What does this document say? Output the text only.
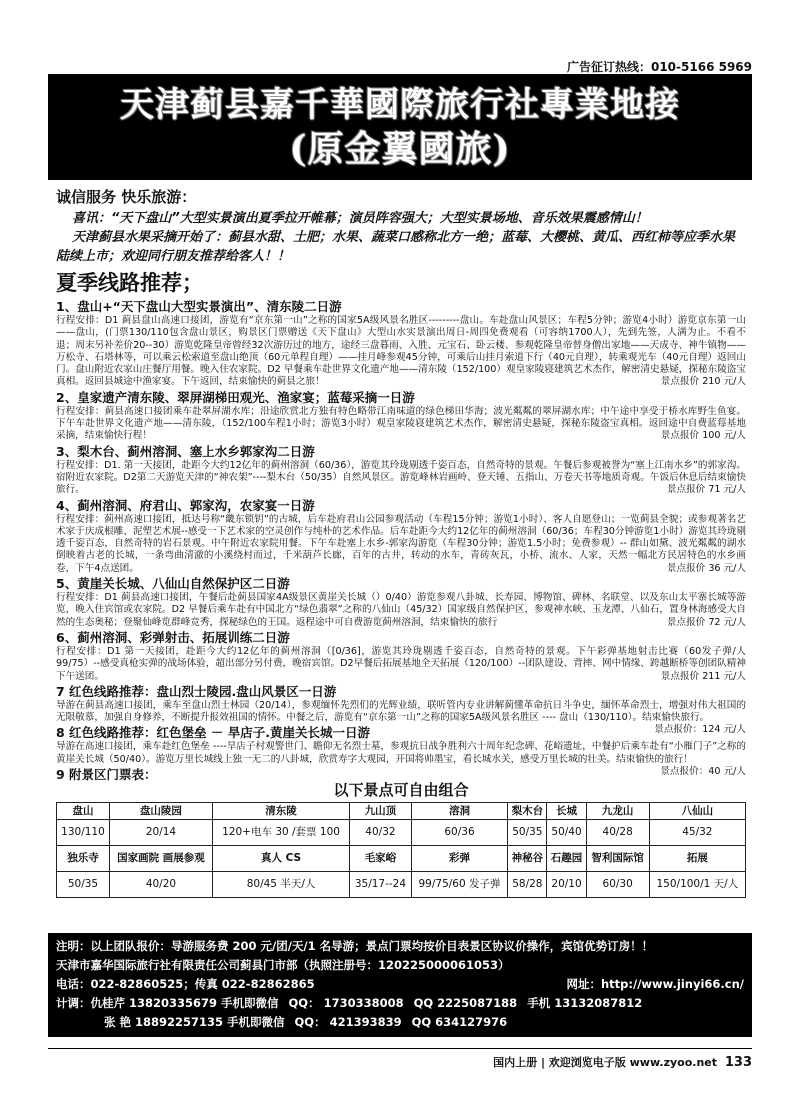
广告征订热线：010-5166 5969
天津蓟县嘉千華國際旅行社專業地接
(原金翼國旅)
诚信服务 快乐旅游：
喜讯：“天下盘山”大型实景演出夏季拉开帷幕；演员阵容强大；大型实景场地、音乐效果震感情山！
天津蓟县水果采摘开始了：蓟县水甜、土肥；水果、蔬菜口感称北方一绝；蓝莓、大樱桃、黄瓜、西红柿等应季水果陆续上市；欢迎同行朋友推荐给客人！！
夏季线路推荐；
1、盘山+“天下盘山大型实景演出”、清东陵二日游
行程安排：D1 蓟县盘山高速口接团，游览有“京东第一山”之称的国家5A级风景名胜区---------盘山。车赴盘山风景区；车程5分钟；游览4小时）游览京东第一山——盘山，(门票130/110包含盘山景区，购景区门票赠送《天下盘山》大型山水实景演出周日-周四免费观看（可容纳1700人），先到先签，人满为止。不看不退；周末另补差价20--30）游览乾隆皇帝曾经32次游历过的地方，途经三盘暮雨、入胜、元宝石、卧云楼、参观乾隆皇帝替身僧出家地——天成寺、神牛镇物——万松寺、石塔林等，可以乘云松索道至盘山绝顶（60元单程自理）——挂月峰参观45分钟，可乘后山挂月索道下行（40元自理），转乘观光车（40元自理）返回山门。盘山附近农家山庄餐厅用餐。晚入住农家院。D2 早餐乘车赴世界文化遗产地——清东陵（152/100）观皇家陵寝建筑艺术杰作，解密清史悬疑，探秘东陵盗宝真相。返回县城途中渔家宴。下午返回，结束愉快的蓟县之旅！	景点报价 210 元/人
2、皇家遗产清东陵、翠屏湖梯田观光、渔家宴；蓝莓采摘一日游
行程安排：蓟县高速口接团乘车赴翠屏湖水库；沿途欣赏北方独有特色略带江南味道的绿色梯田华海；波光粼粼的翠屏湖水库；中午途中享受于桥水库野生鱼宴。下午车赴世界文化遗产地——清东陵，（152/100车程1小时；游览3小时）观皇家陵寝建筑艺术杰作，解密清史悬疑，探秘东陵盗宝真相。返回途中自费蓝莓基地采摘，结束愉快行程！	景点报价 100 元/人
3、梨木台、蓟州溶洞、塞上水乡郭家沟二日游
行程安排：D1. 第一天接团，赴距今大约12亿年的蓟州溶洞（60/36），游览其玲珑剔透千姿百态，自然奇特的景观。午餐后参观被誉为“塞上江南水乡”的郭家沟。宿附近农家院。D2第二天游览天津的“神农架”----梨木台（50/35）自然风景区。游览峰林岩画岭、登天锤、五指山、万卷天书等地质奇观。午饭后休息后结束愉快旅行。	景点报价 71 元/人
4、蓟州溶洞、府君山、郭家沟，农家宴一日游
行程安排：蓟州高速口接团，抵达号称“畿东锁钥”的古城，后车赴府君山公园参观活动（车程15分钟；游览1小时）、客人自愿登山；一览蓟县全貌；或参观著名艺术家于庆成根雕、泥塑艺术展--感受一下艺术家的空灵创作与纯朴的艺术作品。后车赴距今大约12亿年的蓟州溶洞（60/36；车程30分钟游览1小时）游览其玲珑剔透千姿百态，自然奇特的岩石景观。中午附近农家院用餐。下午车赴塞上水乡-郭家沟游览（车程30分钟；游览1.5小时；免费参观）-- 群山如黛、波光粼粼的湖水倒映着古老的长城，一条弯曲清澈的小溪绕村而过，千米葫芦长廊，百年的古井，转动的水车，青砖灰瓦，小桥、流水、人家，天然一幅北方民居特色的水乡画卷，下午4点送团。	景点报价 36 元/人
5、黄崖关长城、八仙山自然保护区二日游
行程安排：D1 蓟县高速口接团，午餐后赴蓟县国家4A级景区黄崖关长城（）0/40）游览参观八卦城、长寿园、博物馆、碑林、名联堂、以及东山太平寨长城等游览，晚入住宾馆或农家院。D2 早餐后乘车赴有中国北方“绿色翡翠”之称的八仙山（45/32）国家级自然保护区，参观神水峡、玉龙潭、八仙石，置身林海感受大自然的生态奥秘；登聚仙峰览群峰竞秀，探秘绿色的王国。返程途中可自费游览蓟州溶洞，结束愉快的旅行	景点报价 72 元/人
6、蓟州溶洞、彩弹射击、拓展训练二日游
行程安排：D1 第一天接团，赴距今大约12亿年的蓟州溶洞（[0/36]，游览其玲珑剔透千姿百态，自然奇特的景观。下午彩弹基地射击比赛（60发子弹/人 99/75）--感受真枪实弹的战场体验，超出部分另付费，晚宿宾馆。D2早餐后拓展基地全天拓展（120/100）--团队建设、背摔、网中情缘、跨越断桥等创团队精神下午送团。	景点报价 211 元/人
7 红色线路推荐：盘山烈士陵园.盘山风景区一日游
导游在蓟县高速口接团，乘车至盘山烈士林园（20/14），参观缅怀先烈们的光辉业绩，联听管内专业讲解蓟懂革命抗日斗争史，缅怀革命烈士，增强对伟大祖国的无限敬慕，加强自身修养，不断提升报效祖国的情怀。中餐之后，游览有“京东第一山”之称的国家5A级风景名胜区 ---- 盘山（130/110）。结束愉快旅行。
景点报价：124 元/人
8 红色线路推荐：红色堡垒 － 旱店子.黄崖关长城一日游
导游在高速口接团，乘车赴红色堡垒 ----旱店子村观警世门、瞻仰无名烈士墓，参观抗日战争胜利六十周年纪念碑、花峪遗址，中餐护后乘车赴有“小雁门子”之称的黄崖关长城（50/40）。游览万里长城线上独一无二的八卦城，欣赏寿字大观园，开国将帅墨宝，看长城水关，感受万里长城的壮美。结束愉快的旅行！
景点报价：40 元/人
9 附景区门票表：
以下景点可自由组合
盘山	盘山陵园	清东陵	九山顶	溶洞	梨木台	长城	九龙山	八仙山
130/110	20/14	120+电车 30 /套票 100	40/32	60/36	50/35	50/40	40/28	45/32
独乐寺	国家画院 画展参观	真人 CS	毛家峪	彩弹	神秘谷	石趣园	智利国际馆	拓展
50/35	40/20	80/45 半天/人	35/17--24	99/75/60 发子弹	58/28	20/10	60/30	150/100/1 天/人
注明：以上团队报价：导游服务费 200 元/团/天/1 名导游；景点门票均按价目表景区协议价操作，宾馆优势订房！！
天津市嘉华国际旅行社有限责任公司蓟县门市部（执照注册号：120225000061053）
电话：022-82860525；传真 022-82862865	网址：http://www.jinyi66.cn/
计调：仇桂芹 13820335679 手机即微信 QQ： 1730338008 QQ 2225087188 手机 13132087812
张 艳 18892257135 手机即微信 QQ： 421393839 QQ 634127976
国内上册 | 欢迎浏览电子版 www.zyoo.net 133
